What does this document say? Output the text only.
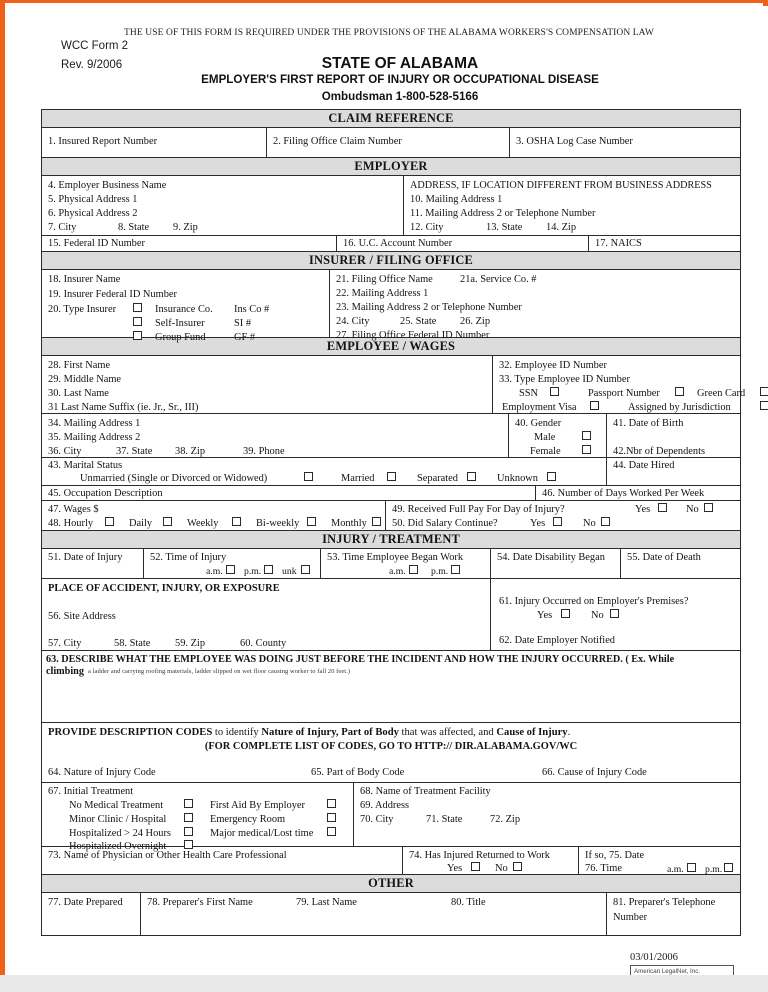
THE USE OF THIS FORM IS REQUIRED UNDER THE PROVISIONS OF THE ALABAMA WORKERS'S COMPENSATION LAW
WCC Form 2
Rev. 9/2006	STATE OF ALABAMA
EMPLOYER'S FIRST REPORT OF INJURY OR OCCUPATIONAL DISEASE
Ombudsman 1-800-528-5166
CLAIM REFERENCE
1. Insured Report Number	2. Filing Office Claim Number	3. OSHA Log Case Number
EMPLOYER
4. Employer Business Name
5. Physical Address 1
6. Physical Address 2
7. City	8. State 9. Zip
ADDRESS, IF LOCATION DIFFERENT FROM BUSINESS ADDRESS
10. Mailing Address 1
11. Mailing Address 2 or Telephone Number
12. City	13. State 14. Zip
15. Federal ID Number	16. U.C. Account Number	17. NAICS
INSURER / FILING OFFICE
18. Insurer Name
19. Insurer Federal ID Number
20. Type Insurer	Insurance Co. Ins Co #
Self-Insurer	SI #
Group Fund	GF #
21. Filing Office Name	21a. Service Co. #
22. Mailing Address 1
23. Mailing Address 2 or Telephone Number
24. City	25. State 26. Zip
27. Filing Office Federal ID Number
EMPLOYEE / WAGES
28. First Name
29. Middle Name
30. Last Name
31 Last Name Suffix (ie. Jr., Sr., III)
32. Employee ID Number
33. Type Employee ID Number
SSN	Passport Number	Green Card
Employment Visa	Assigned by Jurisdiction
34. Mailing Address 1
35. Mailing Address 2
36. City	37. State 38. Zip	39. Phone
40. Gender
Male
Female
41. Date of Birth
42.Nbr of Dependents
43. Marital Status
Unmarried (Single or Divorced or Widowed)	Married	Separated	Unknown
44. Date Hired
45. Occupation Description	46. Number of Days Worked Per Week
47. Wages $
48. Hourly	Daily	Weekly	Bi-weekly	Monthly
49. Received Full Pay For Day of Injury?	Yes	No
50. Did Salary Continue?	Yes	No
INJURY / TREATMENT
51. Date of Injury	52. Time of Injury
a.m. p.m. unk
53. Time Employee Began Work
a.m.	p.m.
54. Date Disability Began 55. Date of Death
PLACE OF ACCIDENT, INJURY, OR EXPOSURE
56. Site Address
57. City	58. State 59. Zip	60. County
61. Injury Occurred on Employer's Premises?
Yes	No
62. Date Employer Notified
63. DESCRIBE WHAT THE EMPLOYEE WAS DOING JUST BEFORE THE INCIDENT AND HOW THE INJURY OCCURRED. ( Ex. While
climbing a ladder and carrying roofing materials, ladder slipped on wet floor causing worker to fall 20 feet.)
PROVIDE DESCRIPTION CODES to identify Nature of Injury, Part of Body that was affected, and Cause of Injury.
(FOR COMPLETE LIST OF CODES, GO TO HTTP:// DIR.ALABAMA.GOV/WC
64. Nature of Injury Code	65. Part of Body Code	66. Cause of Injury Code
67. Initial Treatment
No Medical Treatment
Minor Clinic / Hospital
Hospitalized > 24 Hours
Hospitalized Overnight
First Aid By Employer
Emergency Room
Major medical/Lost time
68. Name of Treatment Facility
69. Address
70. City	71. State	72. Zip
73. Name of Physician or Other Health Care Professional	74. Has Injured Returned to Work
Yes	No
If so, 75. Date
76. Time	a.m. p.m.
OTHER
77. Date Prepared 78. Preparer's First Name	79. Last Name	80. Title	81. Preparer's Telephone
Number
03/01/2006
American LegalNet, Inc.
